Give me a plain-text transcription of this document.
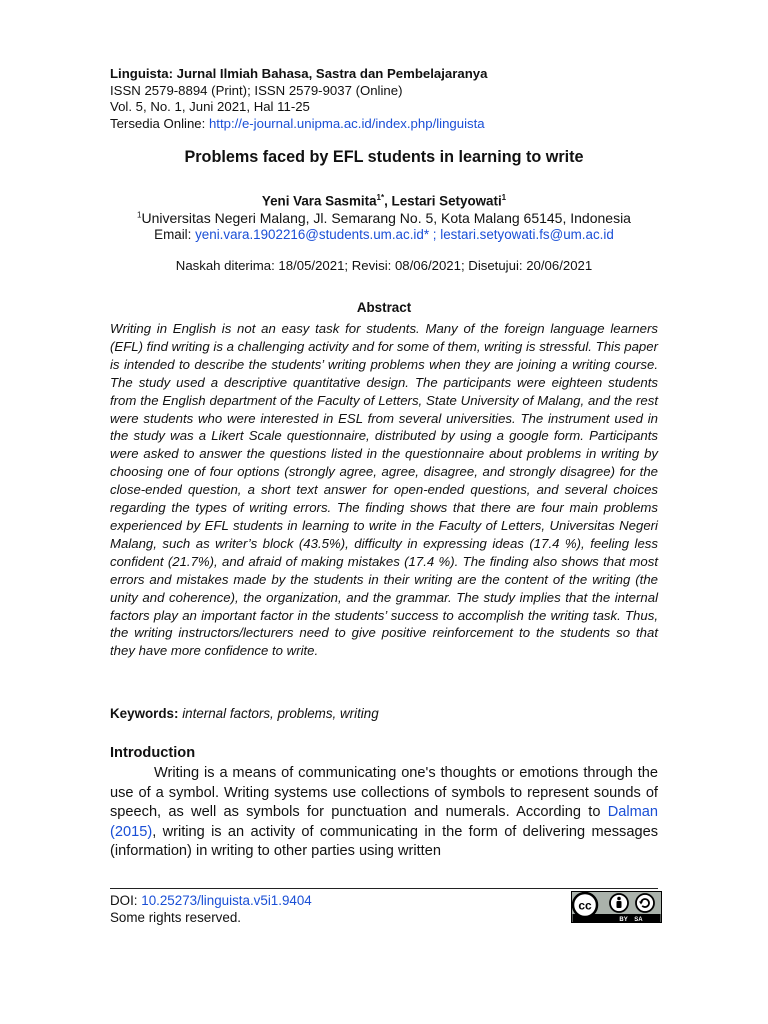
Linguista: Jurnal Ilmiah Bahasa, Sastra dan Pembelajaranya
ISSN 2579-8894 (Print); ISSN 2579-9037 (Online)
Vol. 5, No. 1, Juni 2021, Hal 11-25
Tersedia Online: http://e-journal.unipma.ac.id/index.php/linguista
Problems faced by EFL students in learning to write
Yeni Vara Sasmita$^{1*}$, Lestari Setyowati$^1$
$^1$Universitas Negeri Malang, Jl. Semarang No. 5, Kota Malang 65145, Indonesia
Email: yeni.vara.1902216@students.um.ac.id* ; lestari.setyowati.fs@um.ac.id
Naskah diterima: 18/05/2021; Revisi: 08/06/2021; Disetujui: 20/06/2021
Abstract

Writing in English is not an easy task for students. Many of the foreign language learners (EFL) find writing is a challenging activity and for some of them, writing is stressful. This paper is intended to describe the students’ writing problems when they are joining a writing course. The study used a descriptive quantitative design. The participants were eighteen students from the English department of the Faculty of Letters, State University of Malang, and the rest were students who were interested in ESL from several universities. The instrument used in the study was a Likert Scale questionnaire, distributed by using a google form. Participants were asked to answer the questions listed in the questionnaire about problems in writing by choosing one of four options (strongly agree, agree, disagree, and strongly disagree) for the close-ended question, a short text answer for open-ended questions, and several choices regarding the types of writing errors. The finding shows that there are four main problems experienced by EFL students in learning to write in the Faculty of Letters, Universitas Negeri Malang, such as writer’s block (43.5%), difficulty in expressing ideas (17.4 %), feeling less confident (21.7%), and afraid of making mistakes (17.4 %). The finding also shows that most errors and mistakes made by the students in their writing are the content of the writing (the unity and coherence), the organization, and the grammar. The study implies that the internal factors play an important factor in the students’ success to accomplish the writing task. Thus, the writing instructors/lecturers need to give positive reinforcement to the students so that they have more confidence to write.

Keywords: internal factors, problems, writing
Introduction

Writing is a means of communicating one's thoughts or emotions through the use of a symbol. Writing systems use collections of symbols to represent sounds of speech, as well as symbols for punctuation and numerals. According to Dalman (2015), writing is an activity of communicating in the form of delivering messages (information) in writing to other parties using written

DOI: 10.25273/linguista.v5i1.9404
Some rights reserved.
cc
BY    SA
